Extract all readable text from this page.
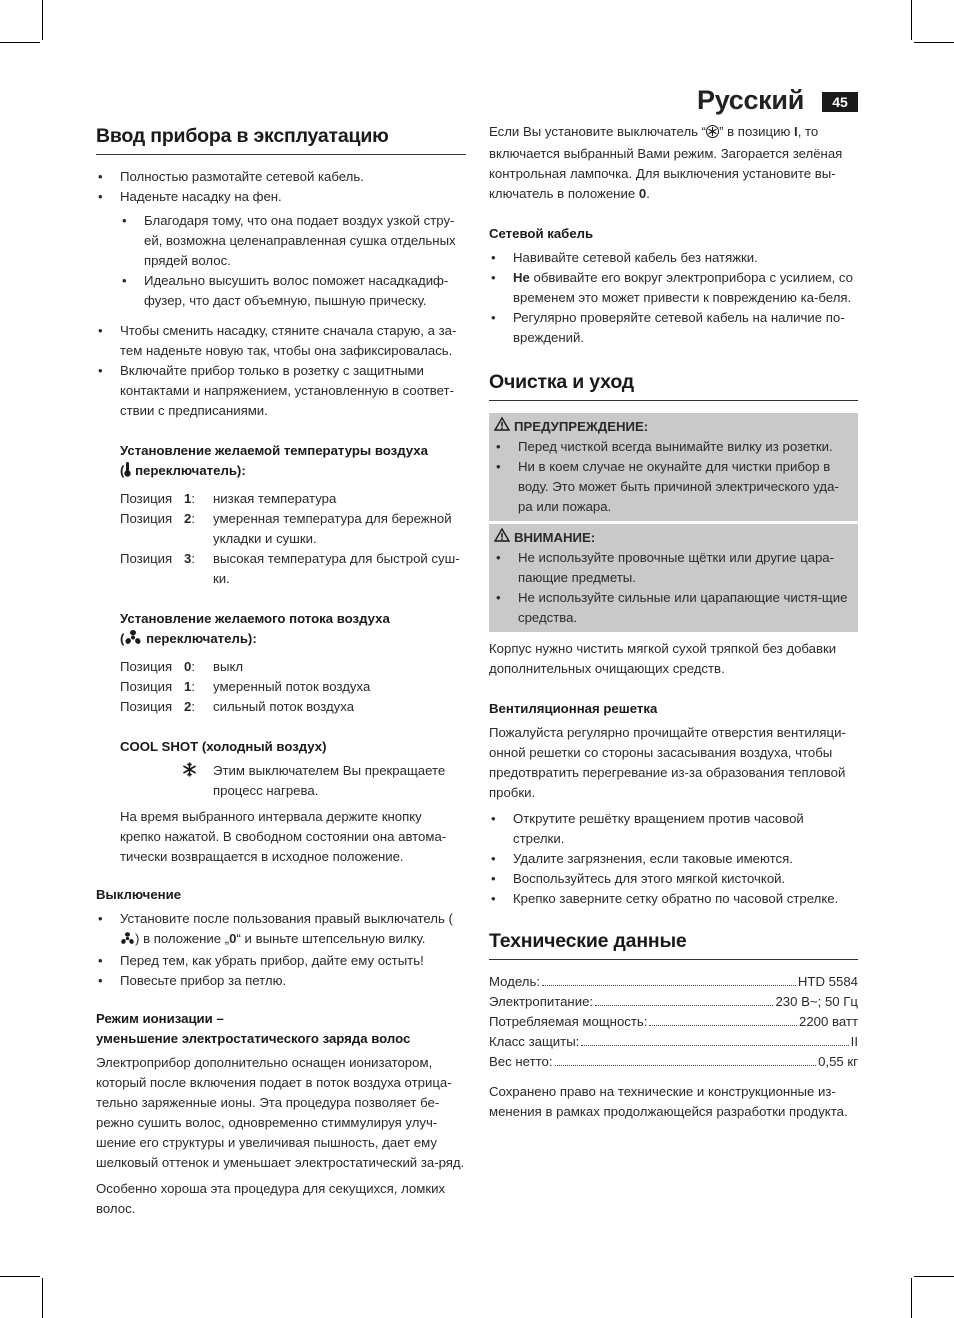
Русский	45
Ввод прибора в эксплуатацию
• Полностью размотайте сетевой кабель.
• Наденьте насадку на фен.
• Благодаря тому, что она подает воздух узкой стру-ей, возможна целенаправленная сушка отдельных прядей волос.
• Идеально высушить волос поможет насадкадиф-фузер, что даст объемную, пышную прическу.
• Чтобы сменить насадку, стяните сначала старую, а за-тем наденьте новую так, чтобы она зафиксировалась.
• Включайте прибор только в розетку с защитными контактами и напряжением, установленную в соответ-ствии с предписаниями.
Установление желаемой температуры воздуха
( переключатель):
Позиция 1:	низкая температура
Позиция 2:	умеренная температура для бережной укладки и сушки.
Позиция 3:	высокая температура для быстрой суш-ки.
Установление желаемого потока воздуха
( переключатель):
Позиция 0:	выкл
Позиция 1:	умеренный поток воздуха
Позиция 2:	сильный поток воздуха
COOL SHOT (холодный воздух)
Этим выключателем Вы прекращаете процесс нагрева.

На время выбранного интервала держите кнопку крепко нажатой. В свободном состоянии она автома-тически возвращается в исходное положение.

Выключение
• Установите после пользования правый выключатель () в положение „0“ и выньте штепсельную вилку.
• Перед тем, как убрать прибор, дайте ему остыть!
• Повесьте прибор за петлю.
Режим ионизации –
уменьшение электростатического заряда волос

Электроприбор дополнительно оснащен ионизатором, который после включения подает в поток воздуха отрица-тельно заряженные ионы. Эта процедура позволяет бе-режно сушить волос, одновременно стиммулируя улуч-шение его структуры и увеличивая пышность, дает ему шелковый оттенок и уменьшает электростатический за-ряд.

Особенно хороша эта процедура для секущихся, ломких волос.

Если Вы установите выключатель “ ” в позицию I, то включается выбранный Вами режим. Загорается зелёная контрольная лампочка. Для выключения установите вы-ключатель в положение 0.

Сетевой кабель
• Навивайте сетевой кабель без натяжки.
• Не обвивайте его вокруг электроприбора с усилием, со временем это может привести к повреждению ка-беля.
• Регулярно проверяйте сетевой кабель на наличие по-вреждений.
Очистка и уход
ПРЕДУПРЕЖДЕНИЕ:
• Перед чисткой всегда вынимайте вилку из розетки.
• Ни в коем случае не окунайте для чистки прибор в воду. Это может быть причиной электрического уда-ра или пожара.
ВНИМАНИЕ:
• Не используйте провочные щётки или другие цара-пающие предметы.
• Не используйте сильные или царапающие чистя-щие средства.

Корпус нужно чистить мягкой сухой тряпкой без добавки дополнительных очищающих средств.

Вентиляционная решетка

Пожалуйста регулярно прочищайте отверстия вентиляци-онной решетки со стороны засасывания воздуха, чтобы предотвратить перегревание из-за образования тепловой пробки.

• Открутите решётку вращением против часовой стрелки.
• Удалите загрязнения, если таковые имеются.
• Воспользуйтесь для этого мягкой кисточкой.
• Крепко заверните сетку обратно по часовой стрелке.
Технические данные
Модель:	HTD 5584
Электропитание:	230 В~; 50 Гц
Потребляемая мощность:	2200 ватт
Класс защиты:	II
Вес нетто:	0,55 кг

Сохранено право на технические и конструкционные из-менения в рамках продолжающейся разработки продукта.
